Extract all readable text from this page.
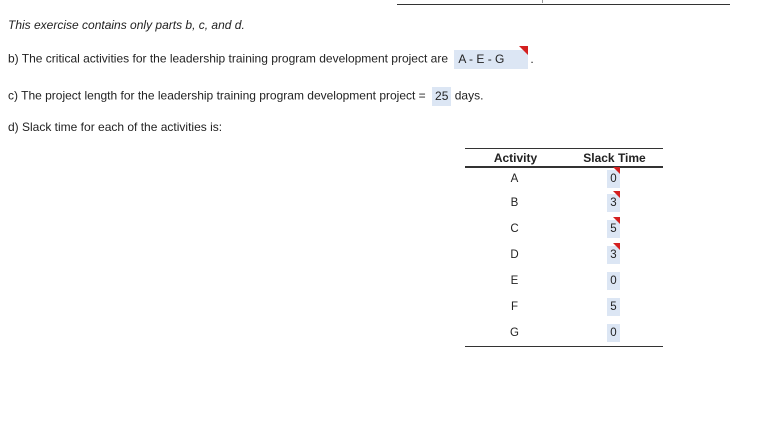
This exercise contains only parts b, c, and d.
b) The critical activities for the leadership training program development project are A - E - G .
c) The project length for the leadership training program development project = 25 days.
d) Slack time for each of the activities is:
Activity	Slack Time
A	0

B	3

C	5

D	3

E	0
F	5
G	0
